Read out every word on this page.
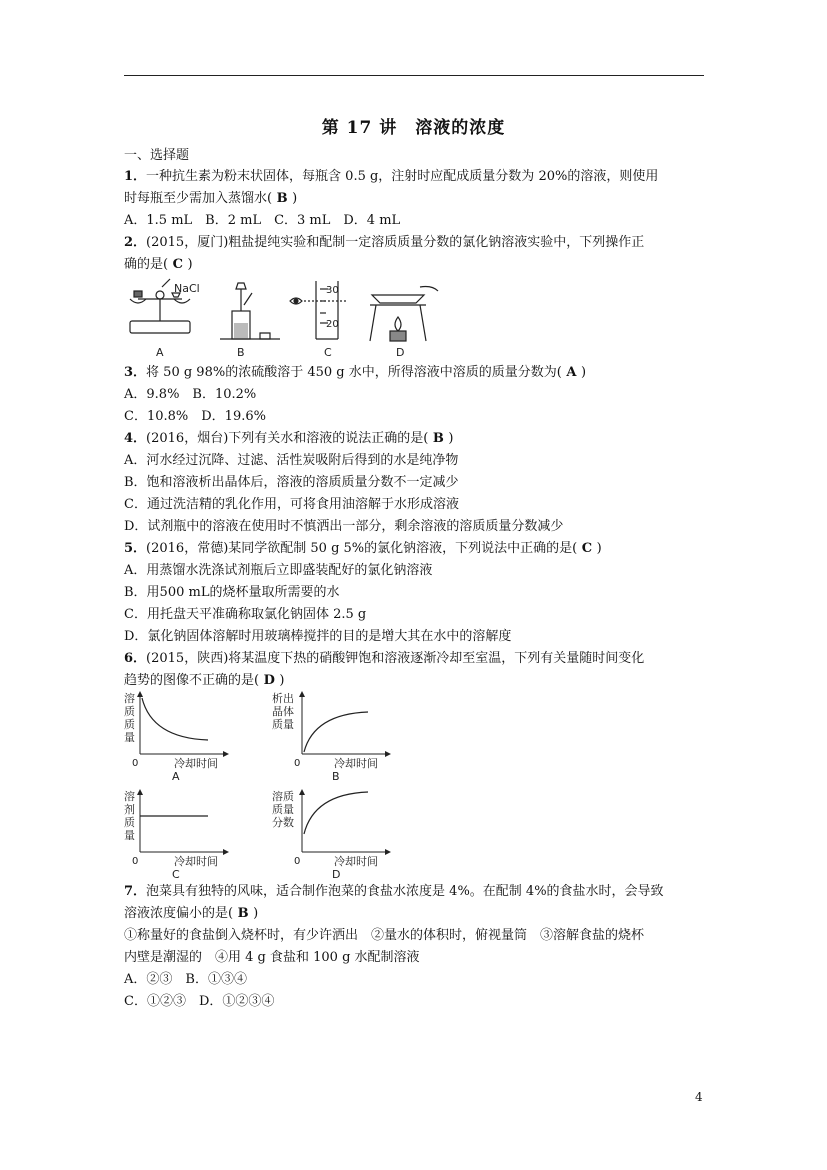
第 17 讲　溶液的浓度
一、选择题
1．一种抗生素为粉末状固体，每瓶含 0.5 g，注射时应配成质量分数为 20%的溶液，则使用
时每瓶至少需加入蒸馏水( B )
A．1.5 mL　B．2 mL　C．3 mL　D．4 mL
2．(2015，厦门)粗盐提纯实验和配制一定溶质质量分数的氯化钠溶液实验中，下列操作正
确的是( C )
NaCl	30
20
A	B	C	D
3．将 50 g 98%的浓硫酸溶于 450 g 水中，所得溶液中溶质的质量分数为( A )
A．9.8%　B．10.2%
C．10.8%　D．19.6%
4．(2016，烟台)下列有关水和溶液的说法正确的是( B )
A．河水经过沉降、过滤、活性炭吸附后得到的水是纯净物
B．饱和溶液析出晶体后，溶液的溶质质量分数不一定减少
C．通过洗洁精的乳化作用，可将食用油溶解于水形成溶液
D．试剂瓶中的溶液在使用时不慎洒出一部分，剩余溶液的溶质质量分数减少
5．(2016，常德)某同学欲配制 50 g 5%的氯化钠溶液，下列说法中正确的是( C )
A．用蒸馏水洗涤试剂瓶后立即盛装配好的氯化钠溶液
B．用500 mL的烧杯量取所需要的水
C．用托盘天平准确称取氯化钠固体 2.5 g
D．氯化钠固体溶解时用玻璃棒搅拌的目的是增大其在水中的溶解度
6．(2015，陕西)将某温度下热的硝酸钾饱和溶液逐渐冷却至室温，下列有关量随时间变化
趋势的图像不正确的是( D )
溶
质
质
量
0	冷却时间
A
析出
晶体
质量
0	冷却时间
B
溶
剂
质
量
0	冷却时间
C
溶质
质量
分数
0	冷却时间
D
7．泡菜具有独特的风味，适合制作泡菜的食盐水浓度是 4%。在配制 4%的食盐水时，会导致
溶液浓度偏小的是( B )
①称量好的食盐倒入烧杯时，有少许洒出　②量水的体积时，俯视量筒　③溶解食盐的烧杯
内壁是潮湿的　④用 4 g 食盐和 100 g 水配制溶液
A．②③　B．①③④
C．①②③　D．①②③④
4
